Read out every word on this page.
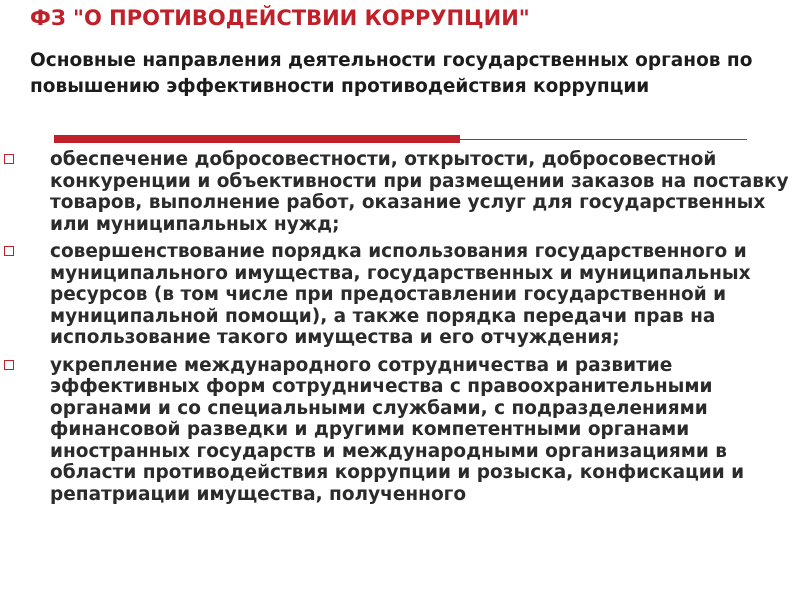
ФЗ "О ПРОТИВОДЕЙСТВИИ КОРРУПЦИИ"
Основные направления деятельности государственных органов по повышению эффективности противодействия коррупции
обеспечение добросовестности, открытости, добросовестной конкуренции и объективности при размещении заказов на поставку товаров, выполнение работ, оказание услуг для государственных или муниципальных нужд;
совершенствование порядка использования государственного и муниципального имущества, государственных и муниципальных ресурсов (в том числе при предоставлении государственной и муниципальной помощи), а также порядка передачи прав на использование такого имущества и его отчуждения;
укрепление международного сотрудничества и развитие эффективных форм сотрудничества с правоохранительными органами и со специальными службами, с подразделениями финансовой разведки и другими компетентными органами иностранных государств и международными организациями в области противодействия коррупции и розыска, конфискации и репатриации имущества, полученного
